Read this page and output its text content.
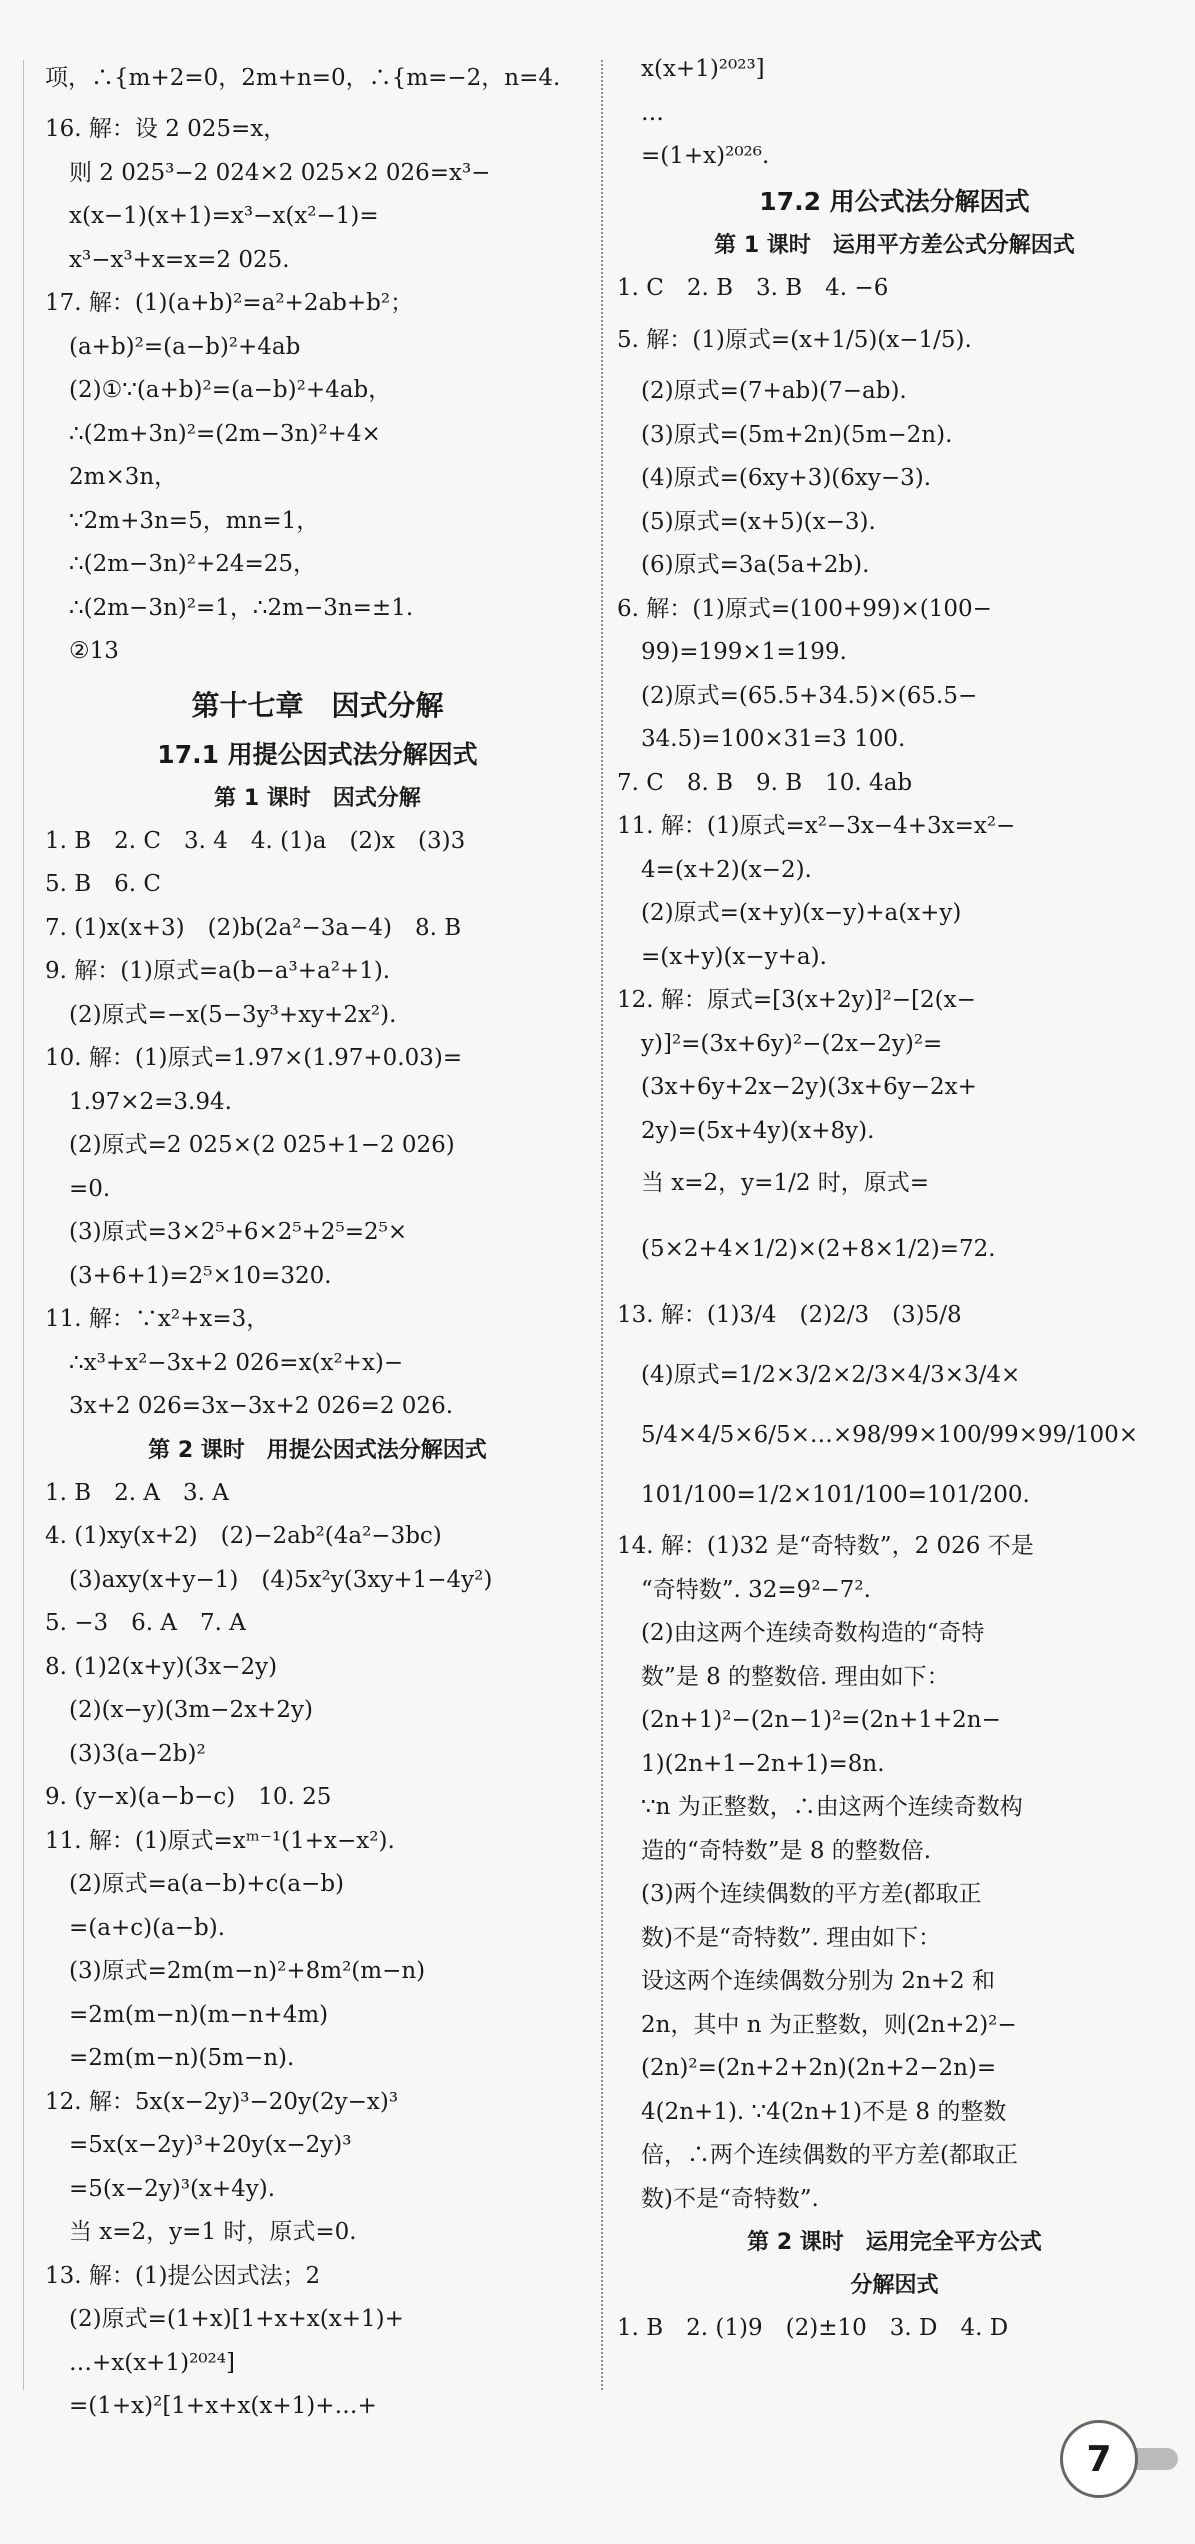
项，∴{m+2=0，2m+n=0，∴{m=−2，n=4.
16. 解：设 2 025=x，
则 2 025³−2 024×2 025×2 026=x³−
x(x−1)(x+1)=x³−x(x²−1)=
x³−x³+x=x=2 025.
17. 解：(1)(a+b)²=a²+2ab+b²；
(a+b)²=(a−b)²+4ab
(2)①∵(a+b)²=(a−b)²+4ab，
∴(2m+3n)²=(2m−3n)²+4×
2m×3n，
∵2m+3n=5，mn=1，
∴(2m−3n)²+24=25，
∴(2m−3n)²=1，∴2m−3n=±1.
②13
第十七章　因式分解
17.1 用提公因式法分解因式
第 1 课时　因式分解
1. B　2. C　3. 4　4. (1)a　(2)x　(3)3
5. B　6. C
7. (1)x(x+3)　(2)b(2a²−3a−4)　8. B
9. 解：(1)原式=a(b−a³+a²+1).
(2)原式=−x(5−3y³+xy+2x²).
10. 解：(1)原式=1.97×(1.97+0.03)=
1.97×2=3.94.
(2)原式=2 025×(2 025+1−2 026)
=0.
(3)原式=3×2⁵+6×2⁵+2⁵=2⁵×
(3+6+1)=2⁵×10=320.
11. 解：∵x²+x=3，
∴x³+x²−3x+2 026=x(x²+x)−
3x+2 026=3x−3x+2 026=2 026.
第 2 课时　用提公因式法分解因式
1. B　2. A　3. A
4. (1)xy(x+2)　(2)−2ab²(4a²−3bc)
(3)axy(x+y−1)　(4)5x²y(3xy+1−4y²)
5. −3　6. A　7. A
8. (1)2(x+y)(3x−2y)
(2)(x−y)(3m−2x+2y)
(3)3(a−2b)²
9. (y−x)(a−b−c)　10. 25
11. 解：(1)原式=xᵐ⁻¹(1+x−x²).
(2)原式=a(a−b)+c(a−b)
=(a+c)(a−b).
(3)原式=2m(m−n)²+8m²(m−n)
=2m(m−n)(m−n+4m)
=2m(m−n)(5m−n).
12. 解：5x(x−2y)³−20y(2y−x)³
=5x(x−2y)³+20y(x−2y)³
=5(x−2y)³(x+4y).
当 x=2，y=1 时，原式=0.
13. 解：(1)提公因式法；2
(2)原式=(1+x)[1+x+x(x+1)+
…+x(x+1)²⁰²⁴]
=(1+x)²[1+x+x(x+1)+…+
x(x+1)²⁰²³]
…
=(1+x)²⁰²⁶.
17.2 用公式法分解因式
第 1 课时　运用平方差公式分解因式
1. C　2. B　3. B　4. −6
5. 解：(1)原式=(x+1/5)(x−1/5).
(2)原式=(7+ab)(7−ab).
(3)原式=(5m+2n)(5m−2n).
(4)原式=(6xy+3)(6xy−3).
(5)原式=(x+5)(x−3).
(6)原式=3a(5a+2b).
6. 解：(1)原式=(100+99)×(100−
99)=199×1=199.
(2)原式=(65.5+34.5)×(65.5−
34.5)=100×31=3 100.
7. C　8. B　9. B　10. 4ab
11. 解：(1)原式=x²−3x−4+3x=x²−
4=(x+2)(x−2).
(2)原式=(x+y)(x−y)+a(x+y)
=(x+y)(x−y+a).
12. 解：原式=[3(x+2y)]²−[2(x−
y)]²=(3x+6y)²−(2x−2y)²=
(3x+6y+2x−2y)(3x+6y−2x+
2y)=(5x+4y)(x+8y).
当 x=2，y=1/2 时，原式=
(5×2+4×1/2)×(2+8×1/2)=72.
13. 解：(1)3/4　(2)2/3　(3)5/8
(4)原式=1/2×3/2×2/3×4/3×3/4×
5/4×4/5×6/5×…×98/99×100/99×99/100×
101/100=1/2×101/100=101/200.
14. 解：(1)32 是“奇特数”，2 026 不是
“奇特数”. 32=9²−7².
(2)由这两个连续奇数构造的“奇特
数”是 8 的整数倍. 理由如下：
(2n+1)²−(2n−1)²=(2n+1+2n−
1)(2n+1−2n+1)=8n.
∵n 为正整数，∴由这两个连续奇数构
造的“奇特数”是 8 的整数倍.
(3)两个连续偶数的平方差(都取正
数)不是“奇特数”. 理由如下：
设这两个连续偶数分别为 2n+2 和
2n，其中 n 为正整数，则(2n+2)²−
(2n)²=(2n+2+2n)(2n+2−2n)=
4(2n+1). ∵4(2n+1)不是 8 的整数
倍，∴两个连续偶数的平方差(都取正
数)不是“奇特数”.
第 2 课时　运用完全平方公式
分解因式
1. B　2. (1)9　(2)±10　3. D　4. D
7
